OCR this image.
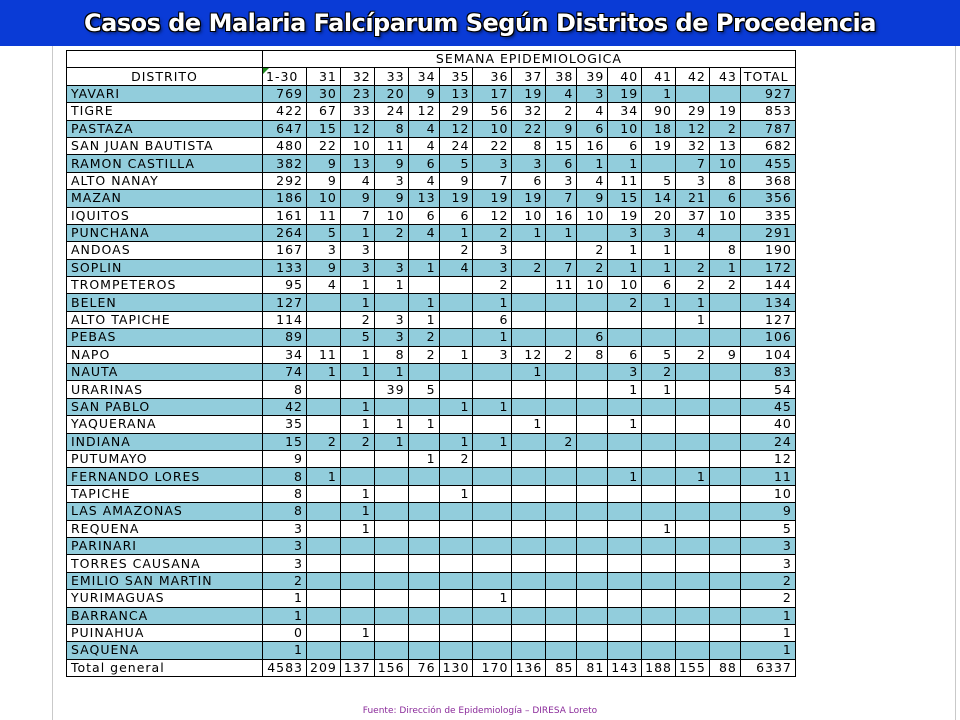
Casos de Malaria Falcíparum Según Distritos de Procedencia
	SEMANA EPIDEMIOLOGICA														
DISTRITO	1-30	31	32	33	34	35	36	37	38	39	40	41	42	43	TOTAL
YAVARI	769	30	23	20	9	13	17	19	4	3	19	1			927
TIGRE	422	67	33	24	12	29	56	32	2	4	34	90	29	19	853
PASTAZA	647	15	12	8	4	12	10	22	9	6	10	18	12	2	787
SAN JUAN BAUTISTA	480	22	10	11	4	24	22	8	15	16	6	19	32	13	682
RAMON CASTILLA	382	9	13	9	6	5	3	3	6	1	1		7	10	455
ALTO NANAY	292	9	4	3	4	9	7	6	3	4	11	5	3	8	368
MAZAN	186	10	9	9	13	19	19	19	7	9	15	14	21	6	356
IQUITOS	161	11	7	10	6	6	12	10	16	10	19	20	37	10	335
PUNCHANA	264	5	1	2	4	1	2	1	1		3	3	4		291
ANDOAS	167	3	3			2	3			2	1	1		8	190
SOPLIN	133	9	3	3	1	4	3	2	7	2	1	1	2	1	172
TROMPETEROS	95	4	1	1			2		11	10	10	6	2	2	144
BELEN	127		1		1		1				2	1	1		134
ALTO TAPICHE	114		2	3	1		6						1		127
PEBAS	89		5	3	2		1			6					106
NAPO	34	11	1	8	2	1	3	12	2	8	6	5	2	9	104
NAUTA	74	1	1	1				1			3	2			83
URARINAS	8			39	5						1	1			54
SAN PABLO	42		1			1	1								45
YAQUERANA	35		1	1	1			1			1				40
INDIANA	15	2	2	1		1	1		2						24
PUTUMAYO	9				1	2									12
FERNANDO LORES	8	1									1		1		11
TAPICHE	8		1			1									10
LAS AMAZONAS	8		1												9
REQUENA	3		1									1			5
PARINARI	3														3
TORRES CAUSANA	3														3
EMILIO SAN MARTIN	2														2
YURIMAGUAS	1						1								2
BARRANCA	1														1
PUINAHUA	0		1												1
SAQUENA	1														1
Total general	4583	209	137	156	76	130	170	136	85	81	143	188	155	88	6337
Fuente: Dirección de Epidemiología – DIRESA Loreto
